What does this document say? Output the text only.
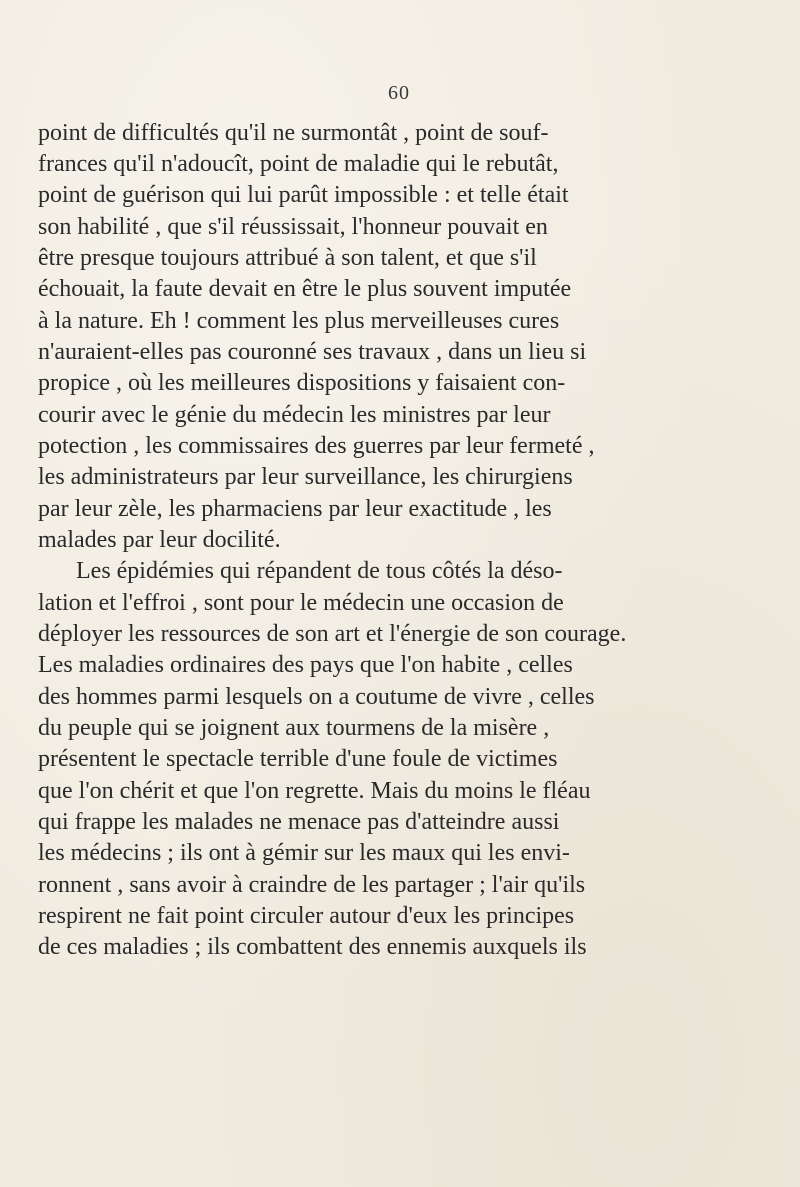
60
point de difficultés qu'il ne surmontât , point de souf-
frances qu'il n'adoucît, point de maladie qui le rebutât,
point de guérison qui lui parût impossible : et telle était
son habilité , que s'il réussissait, l'honneur pouvait en
être presque toujours attribué à son talent, et que s'il
échouait, la faute devait en être le plus souvent imputée
à la nature. Eh ! comment les plus merveilleuses cures
n'auraient-elles pas couronné ses travaux , dans un lieu si
propice , où les meilleures dispositions y faisaient con-
courir avec le génie du médecin les ministres par leur
potection , les commissaires des guerres par leur fermeté ,
les administrateurs par leur surveillance, les chirurgiens
par leur zèle, les pharmaciens par leur exactitude , les
malades par leur docilité.
Les épidémies qui répandent de tous côtés la déso-
lation et l'effroi , sont pour le médecin une occasion de
déployer les ressources de son art et l'énergie de son courage.
Les maladies ordinaires des pays que l'on habite , celles
des hommes parmi lesquels on a coutume de vivre , celles
du peuple qui se joignent aux tourmens de la misère ,
présentent le spectacle terrible d'une foule de victimes
que l'on chérit et que l'on regrette. Mais du moins le fléau
qui frappe les malades ne menace pas d'atteindre aussi
les médecins ; ils ont à gémir sur les maux qui les envi-
ronnent , sans avoir à craindre de les partager ; l'air qu'ils
respirent ne fait point circuler autour d'eux les principes
de ces maladies ; ils combattent des ennemis auxquels ils
